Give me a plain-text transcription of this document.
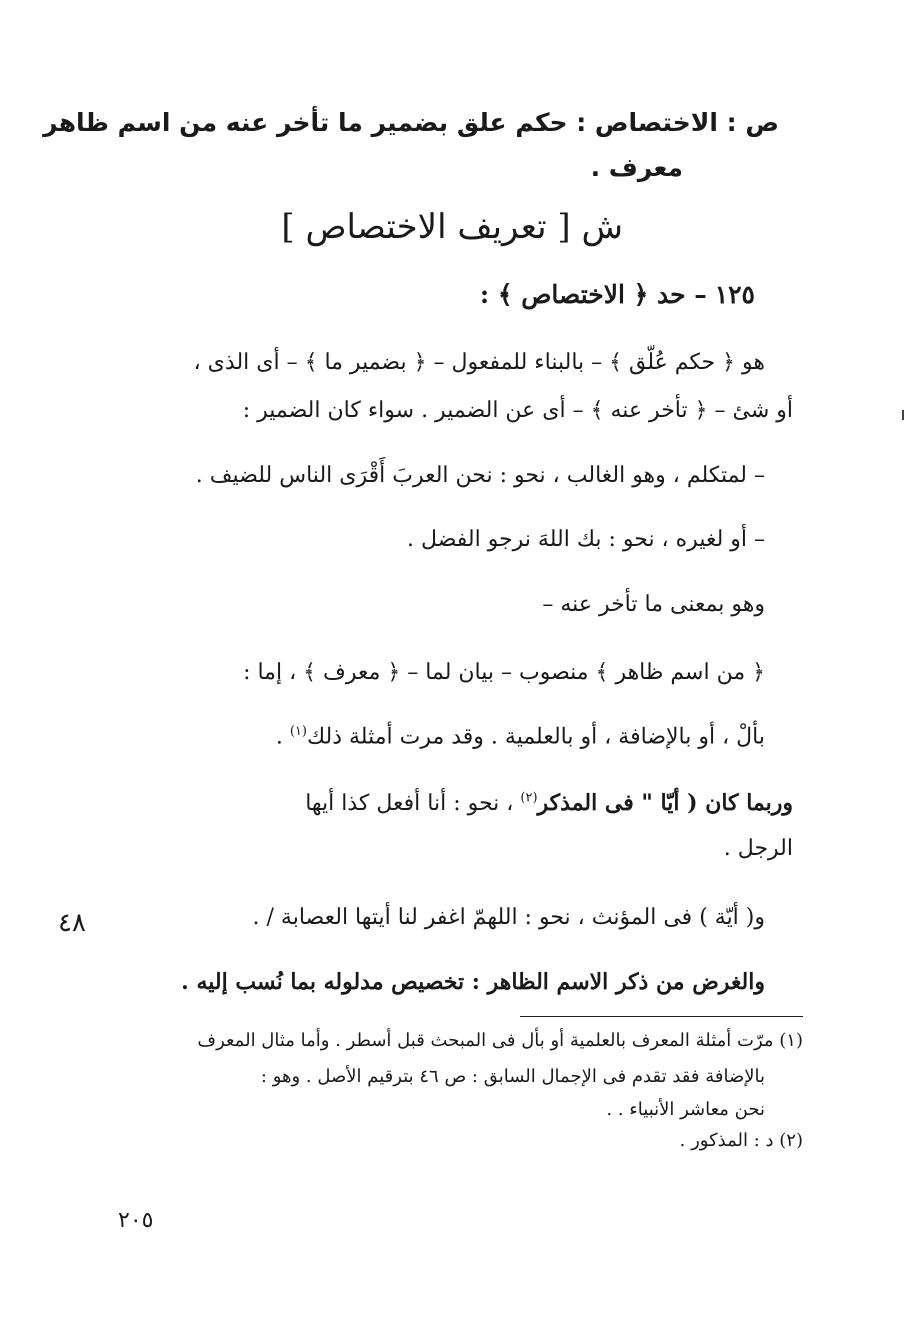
ص : الاختصاص : حكم علق بضمير ما تأخر عنه من اسم ظاهر
معرف .
ش [ تعريف الاختصاص ]
١٢٥ – حد ﴿ الاختصاص ﴾ :
هو ﴿ حكم عُلّق ﴾ – بالبناء للمفعول – ﴿ بضمير ما ﴾ – أى الذى ،
أو شئ – ﴿ تأخر عنه ﴾ – أى عن الضمير . سواء كان الضمير :
– لمتكلم ، وهو الغالب ، نحو : نحن العربَ أَقْرَى الناس للضيف .
– أو لغيره ، نحو : بك اللهَ نرجو الفضل .
وهو بمعنى ما تأخر عنه –
﴿ من اسم ظاهر ﴾ منصوب – بيان لما – ﴿ معرف ﴾ ، إما :
بألْ ، أو بالإضافة ، أو بالعلمية . وقد مرت أمثلة ذلك$^{(١)}$ .
وربما كان ( أيّا " فى المذكر$^{(٢)}$ ، نحو : أنا أفعل كذا أيها
الرجل .
و( أيّة ) فى المؤنث ، نحو : اللهمّ اغفر لنا أيتها العصابة / .
والغرض من ذكر الاسم الظاهر : تخصيص مدلوله بما نُسب إليه .
٤٨
(١) مرّت أمثلة المعرف بالعلمية أو بأل فى المبحث قبل أسطر . وأما مثال المعرف
بالإضافة فقد تقدم فى الإجمال السابق : ص ٤٦ بترقيم الأصل . وهو :
نحن معاشر الأنبياء . .
(٢) د : المذكور .
٢٠٥
